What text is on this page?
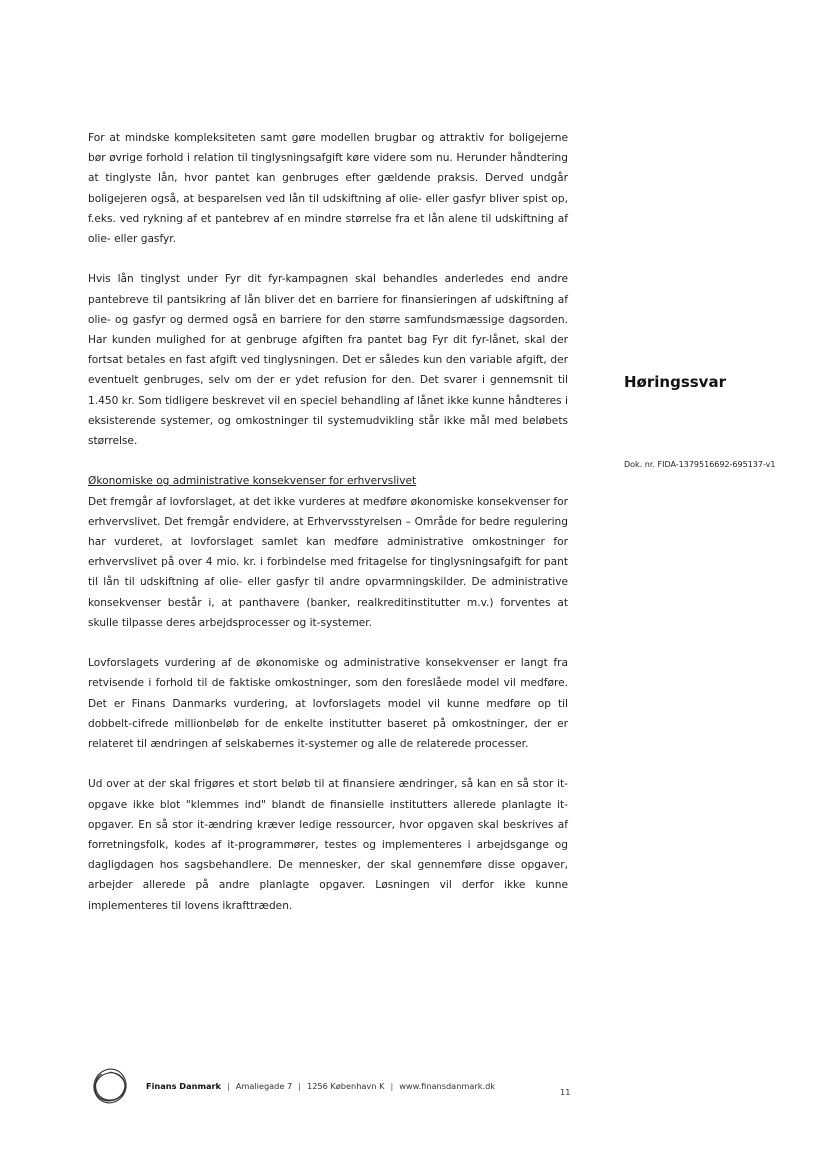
For at mindske kompleksiteten samt gøre modellen brugbar og attraktiv for boligejerne bør øvrige forhold i relation til tinglysningsafgift køre videre som nu. Herunder håndtering at tinglyste lån, hvor pantet kan genbruges efter gældende praksis. Derved undgår boligejeren også, at besparelsen ved lån til udskiftning af olie- eller gasfyr bliver spist op, f.eks. ved rykning af et pantebrev af en mindre størrelse fra et lån alene til udskiftning af olie- eller gasfyr.

Hvis lån tinglyst under Fyr dit fyr-kampagnen skal behandles anderledes end andre pantebreve til pantsikring af lån bliver det en barriere for finansieringen af udskiftning af olie- og gasfyr og dermed også en barriere for den større samfundsmæssige dagsorden. Har kunden mulighed for at genbruge afgiften fra pantet bag Fyr dit fyr-lånet, skal der fortsat betales en fast afgift ved tinglysningen. Det er således kun den variable afgift, der eventuelt genbruges, selv om der er ydet refusion for den. Det svarer i gennemsnit til 1.450 kr. Som tidligere beskrevet vil en speciel behandling af lånet ikke kunne håndteres i eksisterende systemer, og omkostninger til systemudvikling står ikke mål med beløbets størrelse.

Økonomiske og administrative konsekvenser for erhvervslivet

Det fremgår af lovforslaget, at det ikke vurderes at medføre økonomiske konsekvenser for erhvervslivet. Det fremgår endvidere, at Erhvervsstyrelsen – Område for bedre regulering har vurderet, at lovforslaget samlet kan medføre administrative omkostninger for erhvervslivet på over 4 mio. kr. i forbindelse med fritagelse for tinglysningsafgift for pant til lån til udskiftning af olie- eller gasfyr til andre opvarmningskilder. De administrative konsekvenser består i, at panthavere (banker, realkreditinstitutter m.v.) forventes at skulle tilpasse deres arbejdsprocesser og it-systemer.

Lovforslagets vurdering af de økonomiske og administrative konsekvenser er langt fra retvisende i forhold til de faktiske omkostninger, som den foreslåede model vil medføre. Det er Finans Danmarks vurdering, at lovforslagets model vil kunne medføre op til dobbelt-cifrede millionbeløb for de enkelte institutter baseret på omkostninger, der er relateret til ændringen af selskabernes it-systemer og alle de relaterede processer.

Ud over at der skal frigøres et stort beløb til at finansiere ændringer, så kan en så stor it-opgave ikke blot "klemmes ind" blandt de finansielle institutters allerede planlagte it-opgaver. En så stor it-ændring kræver ledige ressourcer, hvor opgaven skal beskrives af forretningsfolk, kodes af it-programmører, testes og implementeres i arbejdsgange og dagligdagen hos sagsbehandlere. De mennesker, der skal gennemføre disse opgaver, arbejder allerede på andre planlagte opgaver. Løsningen vil derfor ikke kunne implementeres til lovens ikrafttræden.

Høringssvar
Dok. nr. FIDA-1379516692-695137-v1
Finans Danmark | Amaliegade 7 | 1256 København K | www.finansdanmark.dk
11
